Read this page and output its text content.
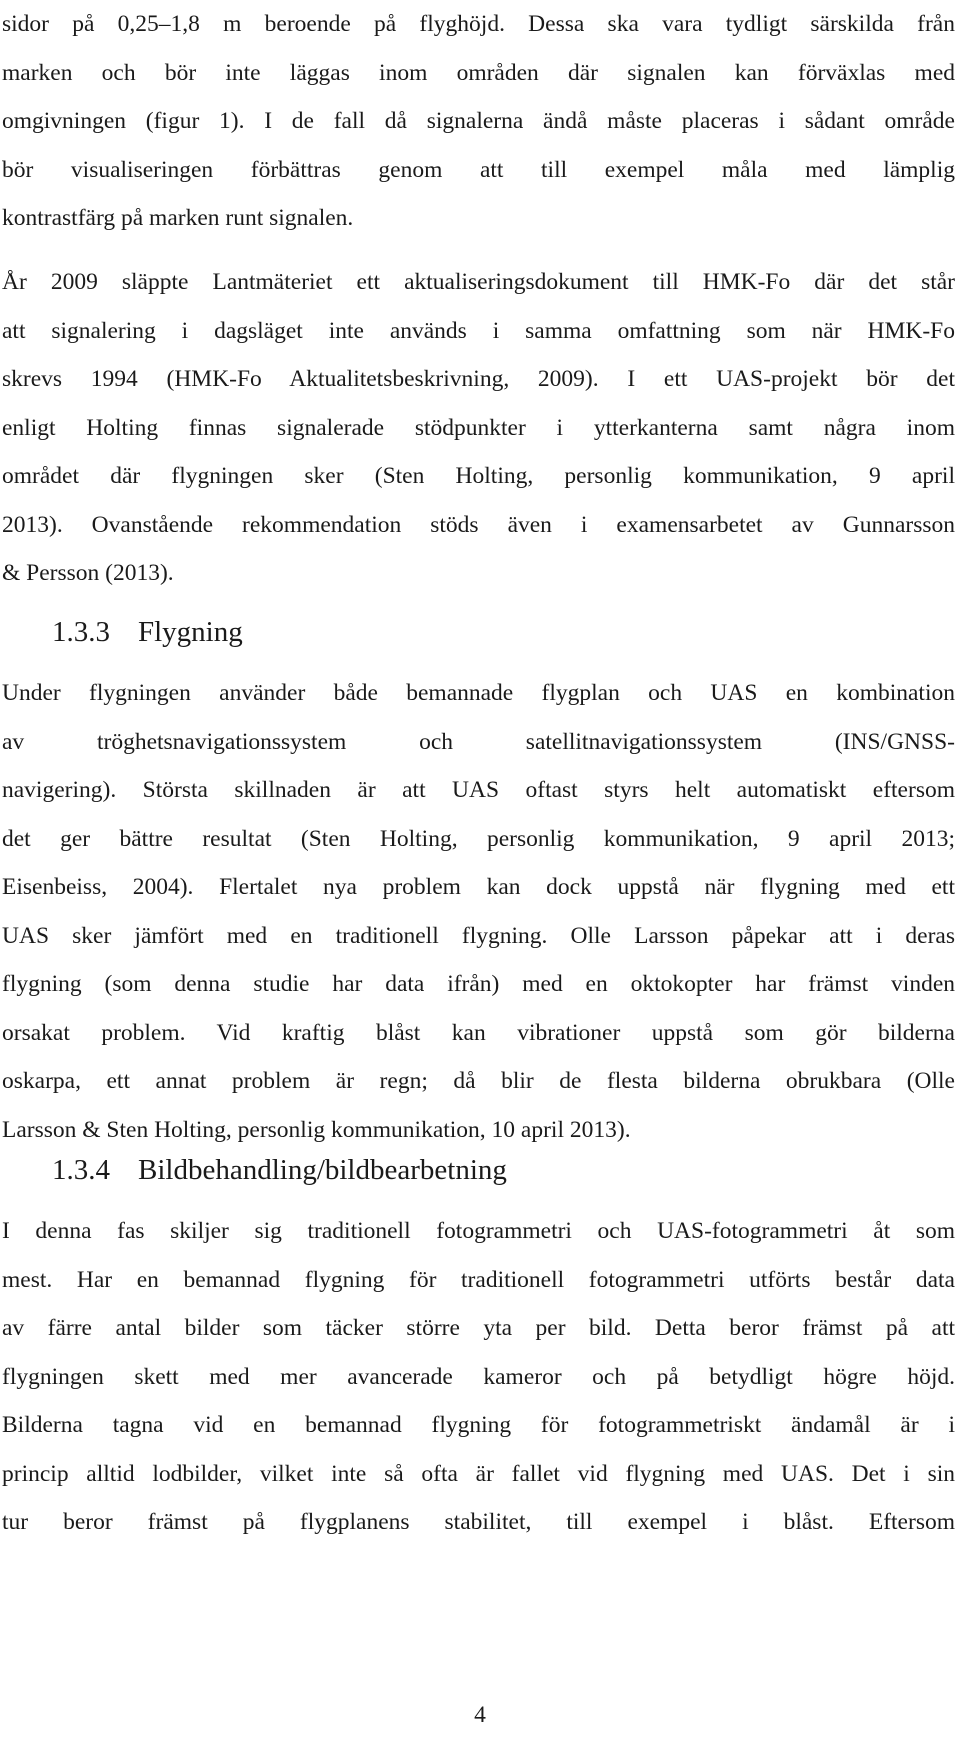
sidor på 0,25–1,8 m beroende på flyghöjd. Dessa ska vara tydligt särskilda från
marken och bör inte läggas inom områden där signalen kan förväxlas med
omgivningen (figur 1). I de fall då signalerna ändå måste placeras i sådant område
bör visualiseringen förbättras genom att till exempel måla med lämplig
kontrastfärg på marken runt signalen.

År 2009 släppte Lantmäteriet ett aktualiseringsdokument till HMK-Fo där det står
att signalering i dagsläget inte används i samma omfattning som när HMK-Fo
skrevs 1994 (HMK-Fo Aktualitetsbeskrivning, 2009). I ett UAS-projekt bör det
enligt Holting finnas signalerade stödpunkter i ytterkanterna samt några inom
området där flygningen sker (Sten Holting, personlig kommunikation, 9 april
2013). Ovanstående rekommendation stöds även i examensarbetet av Gunnarsson
& Persson (2013).

1.3.3 Flygning

Under flygningen använder både bemannade flygplan och UAS en kombination
av tröghetsnavigationssystem och satellitnavigationssystem (INS/GNSS-
navigering). Största skillnaden är att UAS oftast styrs helt automatiskt eftersom
det ger bättre resultat (Sten Holting, personlig kommunikation, 9 april 2013;
Eisenbeiss, 2004). Flertalet nya problem kan dock uppstå när flygning med ett
UAS sker jämfört med en traditionell flygning. Olle Larsson påpekar att i deras
flygning (som denna studie har data ifrån) med en oktokopter har främst vinden
orsakat problem. Vid kraftig blåst kan vibrationer uppstå som gör bilderna
oskarpa, ett annat problem är regn; då blir de flesta bilderna obrukbara (Olle
Larsson & Sten Holting, personlig kommunikation, 10 april 2013).

1.3.4 Bildbehandling/bildbearbetning

I denna fas skiljer sig traditionell fotogrammetri och UAS-fotogrammetri åt som
mest. Har en bemannad flygning för traditionell fotogrammetri utförts består data
av färre antal bilder som täcker större yta per bild. Detta beror främst på att
flygningen skett med mer avancerade kameror och på betydligt högre höjd.
Bilderna tagna vid en bemannad flygning för fotogrammetriskt ändamål är i
princip alltid lodbilder, vilket inte så ofta är fallet vid flygning med UAS. Det i sin
tur beror främst på flygplanens stabilitet, till exempel i blåst. Eftersom

4
